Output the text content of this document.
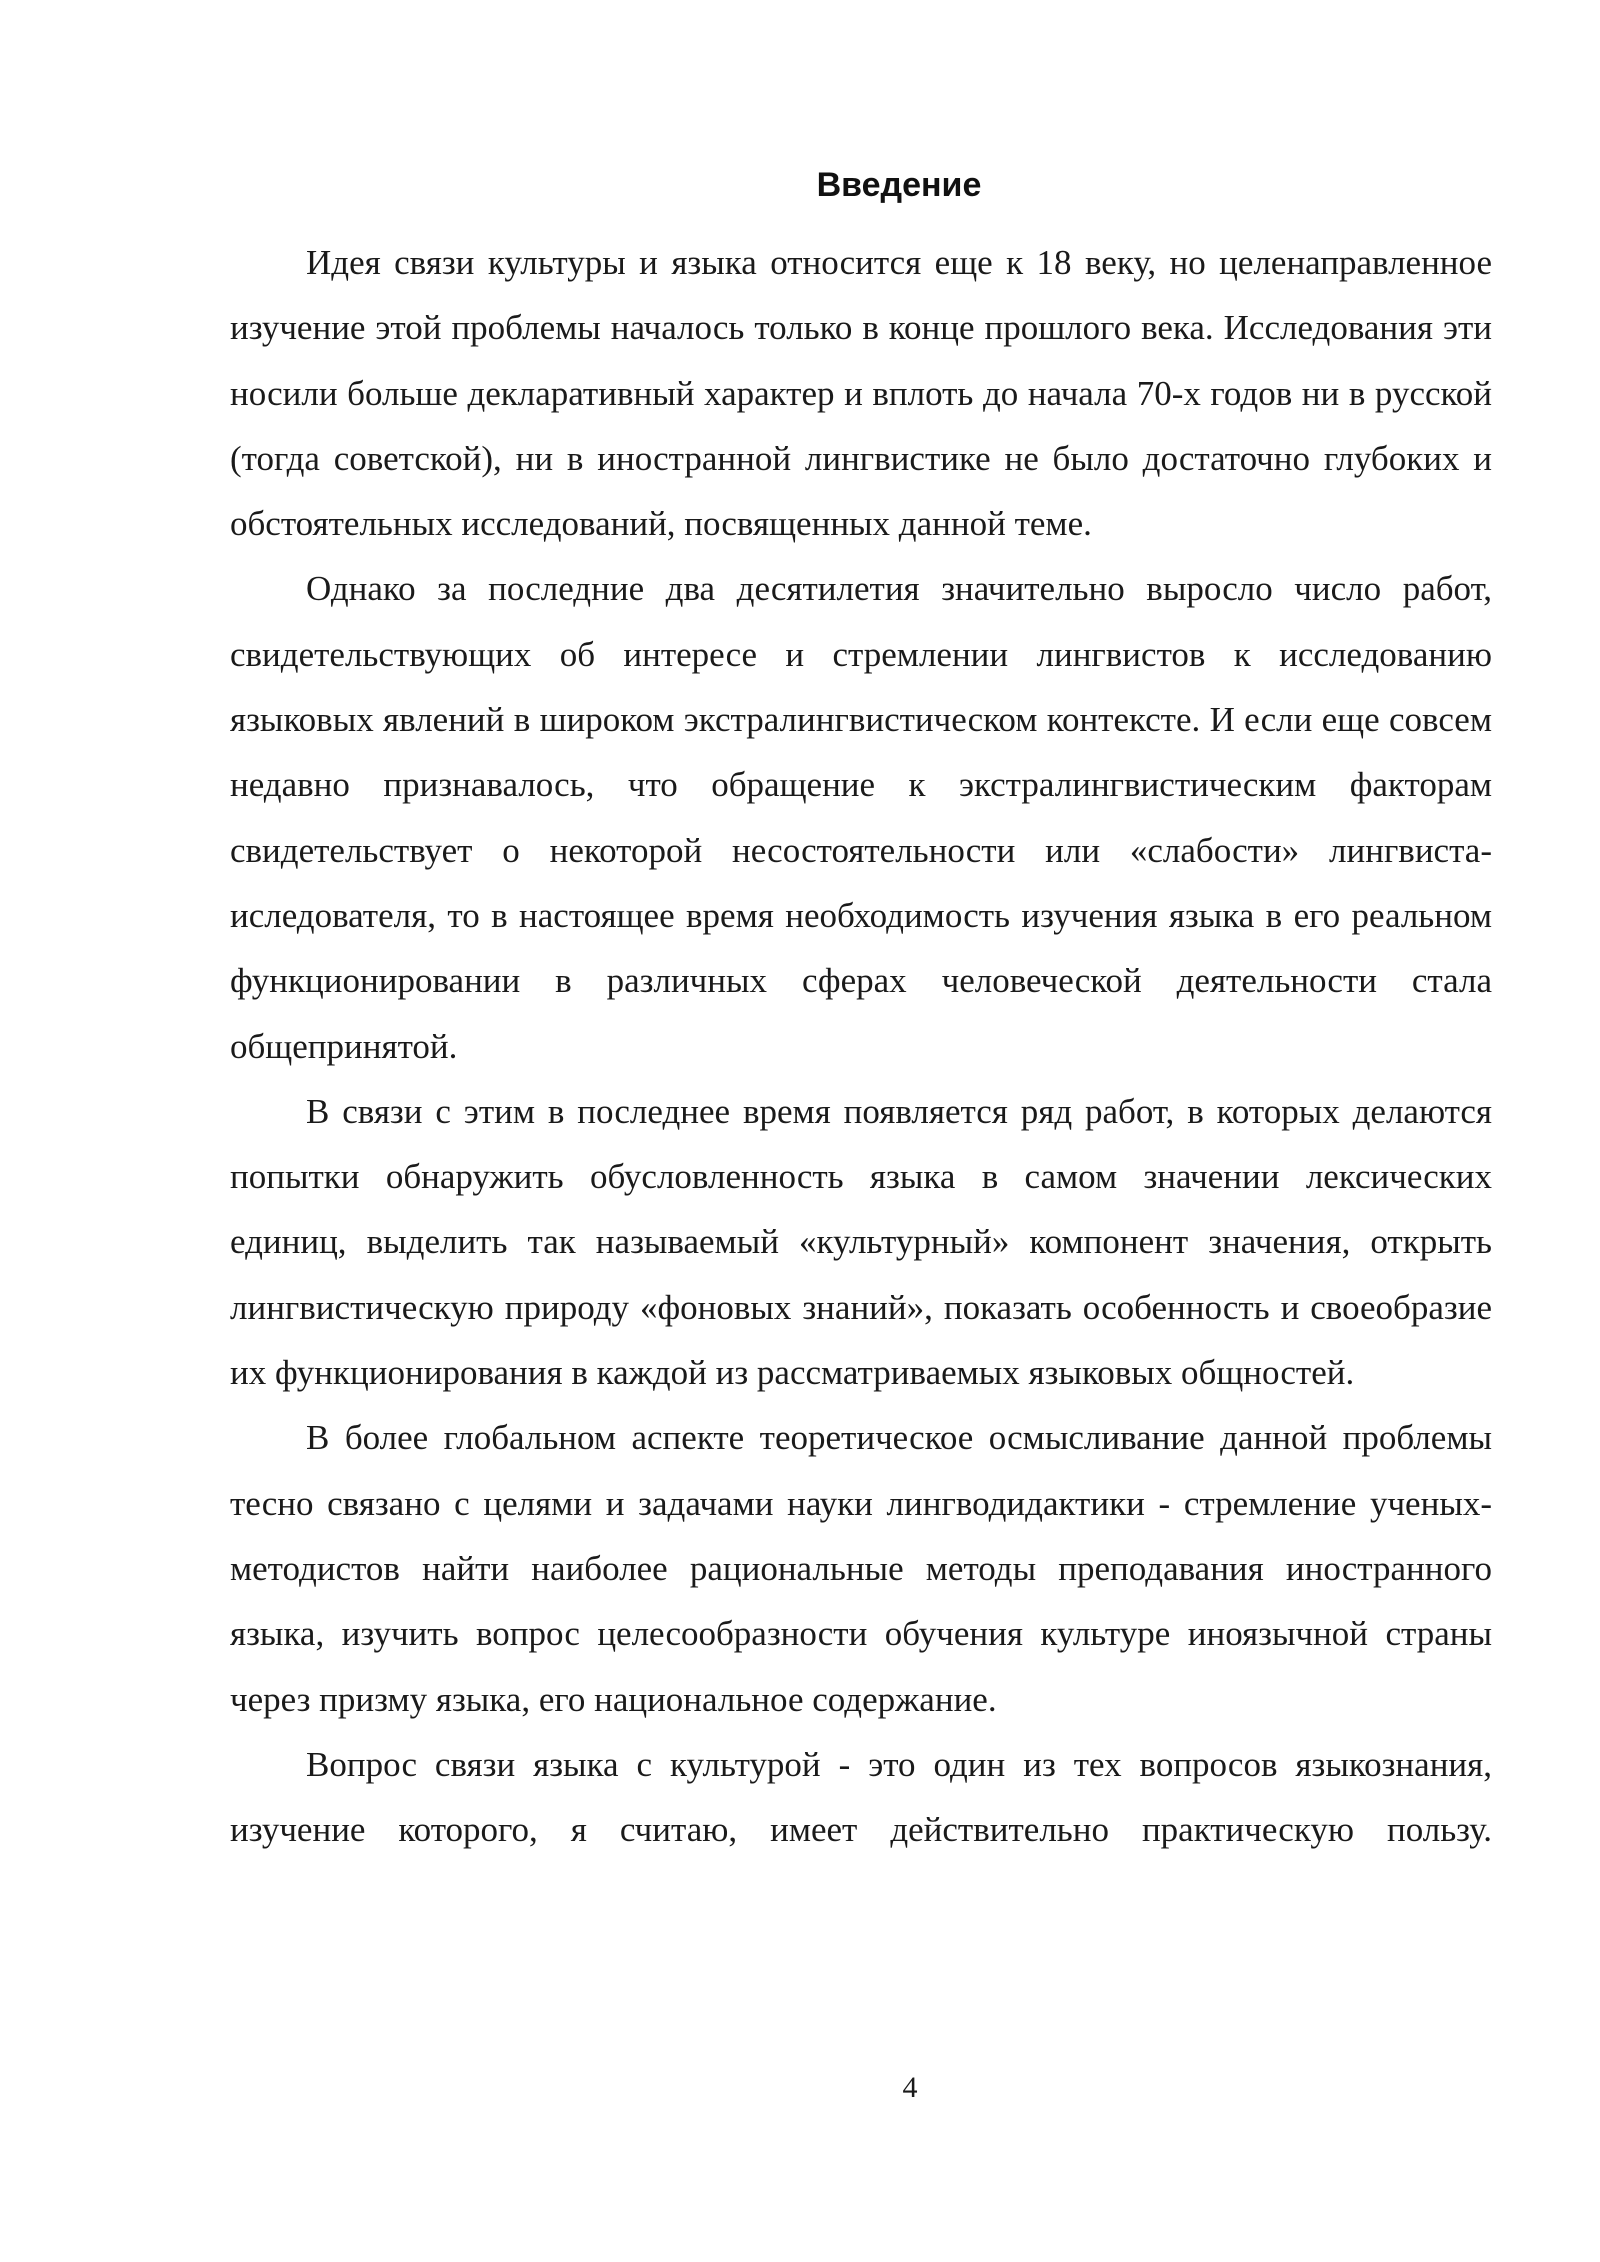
Введение

Идея связи культуры и языка относится еще к 18 веку, но целенаправленное изучение этой проблемы началось только в конце прошлого века. Исследования эти носили больше декларативный характер и вплоть до начала 70-х годов ни в русской (тогда советской), ни в иностранной лингвистике не было достаточно глубоких и обстоятельных исследований, посвященных данной теме.

Однако за последние два десятилетия значительно выросло число работ, свидетельствующих об интересе и стремлении лингвистов к исследованию языковых явлений в широком экстралингвистическом контексте. И если еще совсем недавно признавалось, что обращение к экстралингвистическим факторам свидетельствует о некоторой несостоятельности или «слабости» лингвиста-иследователя, то в настоящее время необходимость изучения языка в его реальном функционировании в различных сферах человеческой деятельности стала общепринятой.

В связи с этим в последнее время появляется ряд работ, в которых делаются попытки обнаружить обусловленность языка в самом значении лексических единиц, выделить так называемый «культурный» компонент значения, открыть лингвистическую природу «фоновых знаний», показать особенность и своеобразие их функционирования в каждой из рассматриваемых языковых общностей.

В более глобальном аспекте теоретическое осмысливание данной проблемы тесно связано с целями и задачами науки лингводидактики - стремление ученых-методистов найти наиболее рациональные методы преподавания иностранного языка, изучить вопрос целесообразности обучения культуре иноязычной страны через призму языка, его национальное содержание.

Вопрос связи языка с культурой - это один из тех вопросов языкознания, изучение которого, я считаю, имеет действительно практическую пользу.

4
